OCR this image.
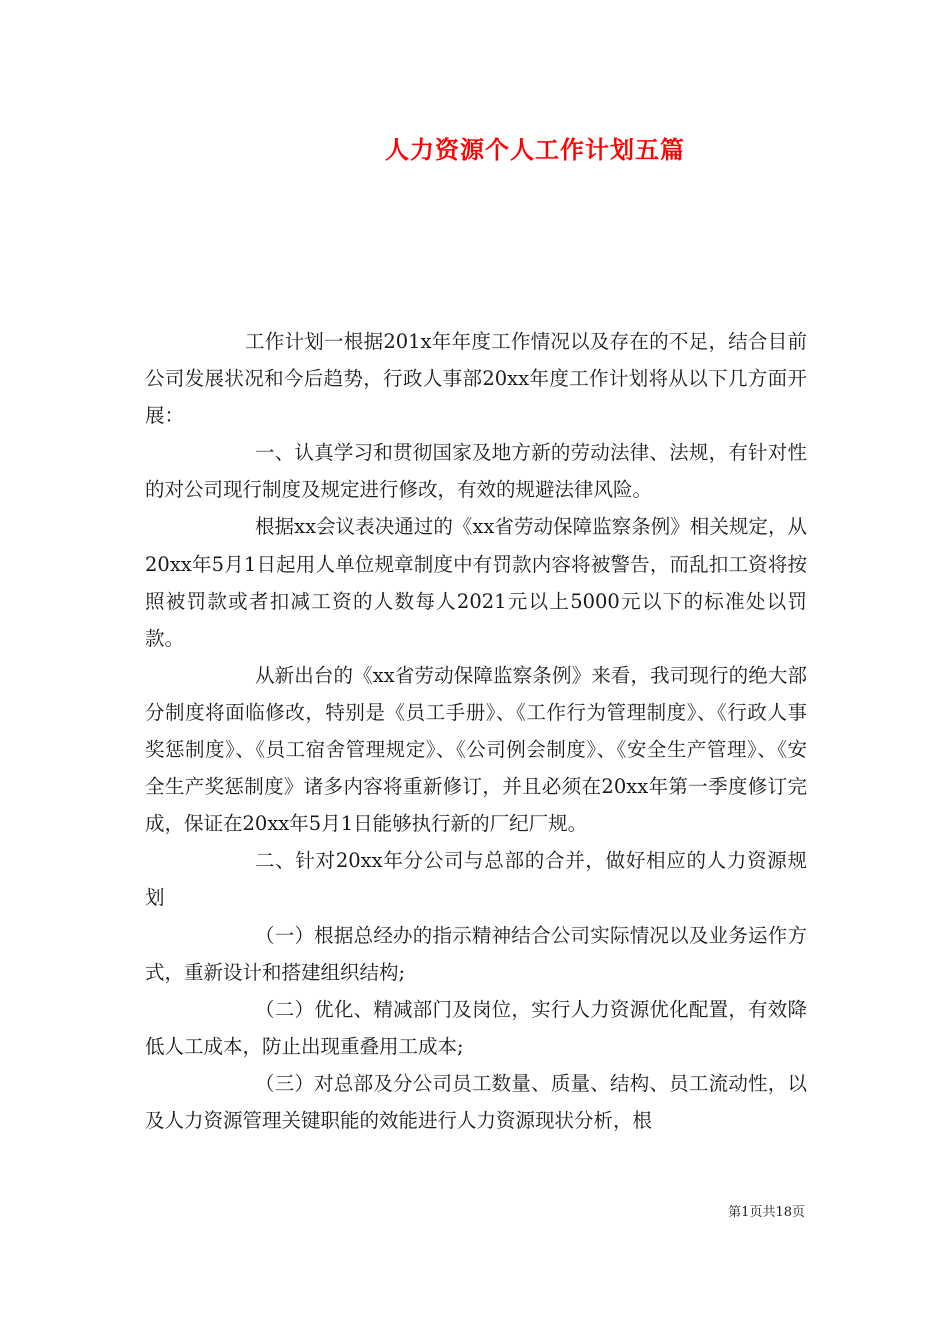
人力资源个人工作计划五篇

工作计划一根据201x年年度工作情况以及存在的不足，结合目前公司发展状况和今后趋势，行政人事部20xx年度工作计划将从以下几方面开展：

一、认真学习和贯彻国家及地方新的劳动法律、法规，有针对性的对公司现行制度及规定进行修改，有效的规避法律风险。

根据xx会议表决通过的《xx省劳动保障监察条例》相关规定，从20xx年5月1日起用人单位规章制度中有罚款内容将被警告，而乱扣工资将按照被罚款或者扣减工资的人数每人2021元以上5000元以下的标准处以罚款。

从新出台的《xx省劳动保障监察条例》来看，我司现行的绝大部分制度将面临修改，特别是《员工手册》、《工作行为管理制度》、《行政人事奖惩制度》、《员工宿舍管理规定》、《公司例会制度》、《安全生产管理》、《安全生产奖惩制度》诸多内容将重新修订，并且必须在20xx年第一季度修订完成，保证在20xx年5月1日能够执行新的厂纪厂规。

二、针对20xx年分公司与总部的合并，做好相应的人力资源规划

（一）根据总经办的指示精神结合公司实际情况以及业务运作方式，重新设计和搭建组织结构;

（二）优化、精减部门及岗位，实行人力资源优化配置，有效降低人工成本，防止出现重叠用工成本;

（三）对总部及分公司员工数量、质量、结构、员工流动性，以及人力资源管理关键职能的效能进行人力资源现状分析，根

第1页共18页
